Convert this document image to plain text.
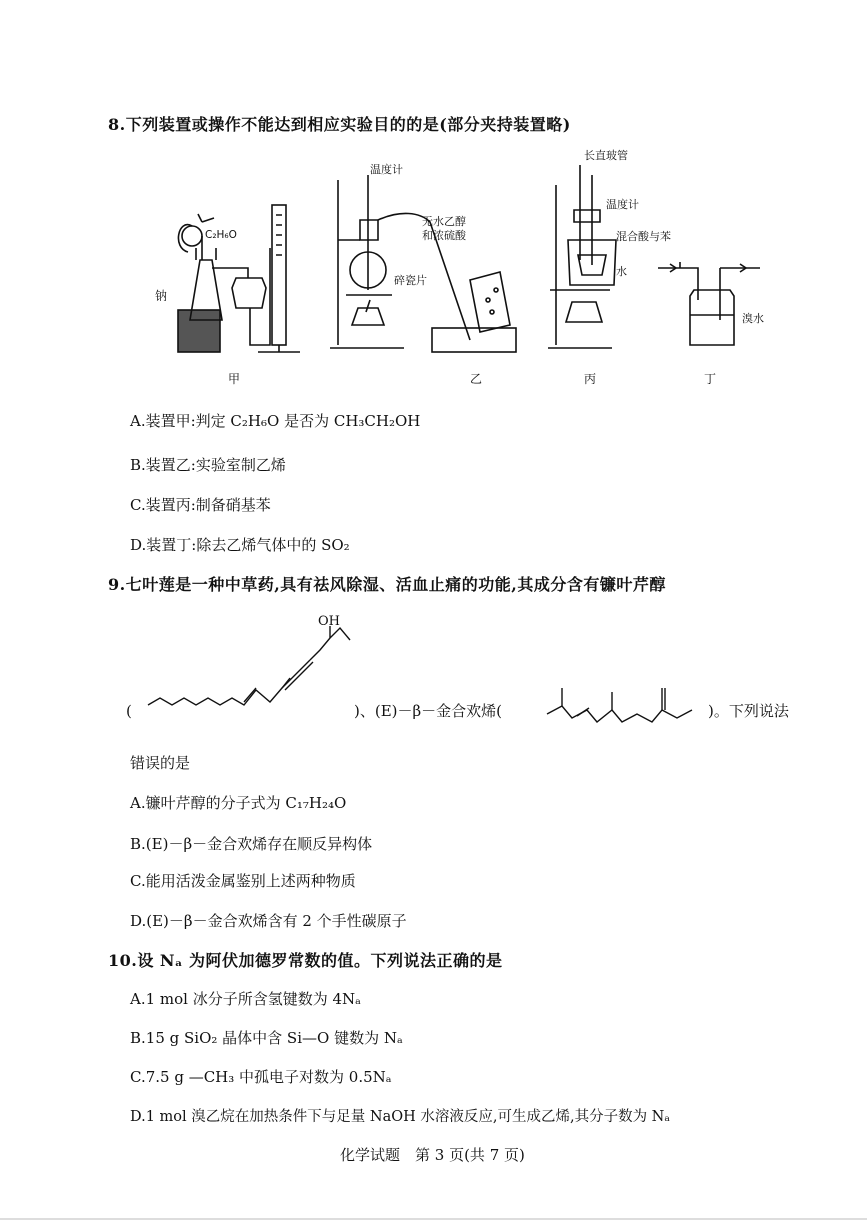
8.下列装置或操作不能达到相应实验目的的是(部分夹持装置略)
C₂H₆O
钠
甲
温度计
无水乙醇
和浓硫酸
碎瓷片
乙
长直玻管
温度计
混合酸与苯
水
丙
溴水
丁
A.装置甲:判定 C₂H₆O 是否为 CH₃CH₂OH
B.装置乙:实验室制乙烯
C.装置丙:制备硝基苯
D.装置丁:除去乙烯气体中的 SO₂
9.七叶莲是一种中草药,具有祛风除湿、活血止痛的功能,其成分含有镰叶芹醇
OH
(	)、(E)－β－金合欢烯(	)。下列说法
错误的是
A.镰叶芹醇的分子式为 C₁₇H₂₄O
B.(E)－β－金合欢烯存在顺反异构体
C.能用活泼金属鉴别上述两种物质
D.(E)－β－金合欢烯含有 2 个手性碳原子
10.设 Nₐ 为阿伏加德罗常数的值。下列说法正确的是
A.1 mol 冰分子所含氢键数为 4Nₐ
B.15 g SiO₂ 晶体中含 Si—O 键数为 Nₐ
C.7.5 g —CH₃ 中孤电子对数为 0.5Nₐ
D.1 mol 溴乙烷在加热条件下与足量 NaOH 水溶液反应,可生成乙烯,其分子数为 Nₐ
化学试题　第 3 页(共 7 页)
